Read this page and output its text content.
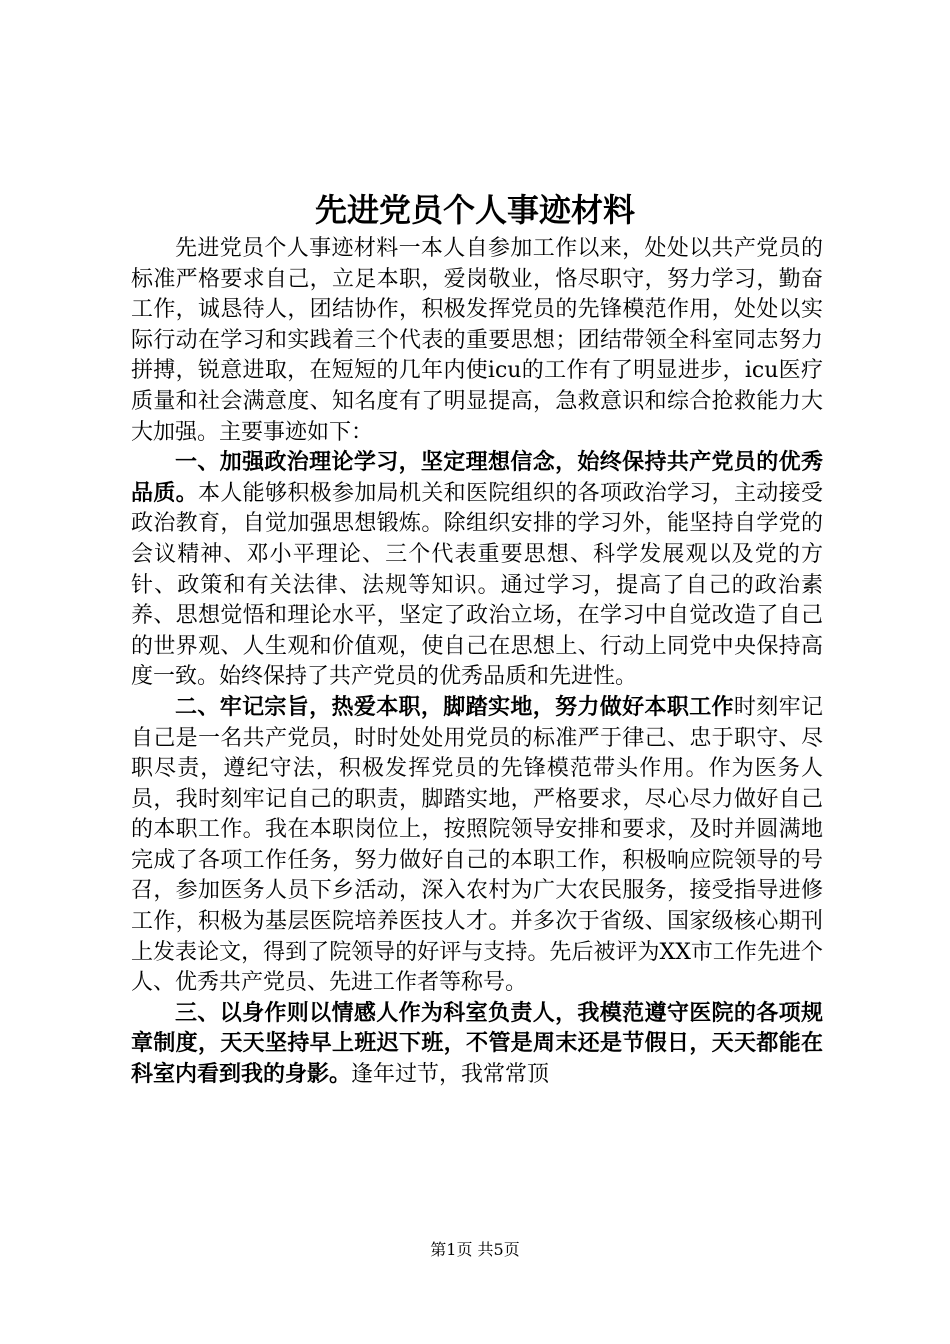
先进党员个人事迹材料

先进党员个人事迹材料一本人自参加工作以来，处处以共产党员的标准严格要求自己，立足本职，爱岗敬业，恪尽职守，努力学习，勤奋工作，诚恳待人，团结协作，积极发挥党员的先锋模范作用，处处以实际行动在学习和实践着三个代表的重要思想；团结带领全科室同志努力拼搏，锐意进取，在短短的几年内使icu的工作有了明显进步，icu医疗质量和社会满意度、知名度有了明显提高，急救意识和综合抢救能力大大加强。主要事迹如下：

一、加强政治理论学习，坚定理想信念，始终保持共产党员的优秀品质。本人能够积极参加局机关和医院组织的各项政治学习，主动接受政治教育，自觉加强思想锻炼。除组织安排的学习外，能坚持自学党的会议精神、邓小平理论、三个代表重要思想、科学发展观以及党的方针、政策和有关法律、法规等知识。通过学习，提高了自己的政治素养、思想觉悟和理论水平，坚定了政治立场，在学习中自觉改造了自己的世界观、人生观和价值观，使自己在思想上、行动上同党中央保持高度一致。始终保持了共产党员的优秀品质和先进性。

二、牢记宗旨，热爱本职，脚踏实地，努力做好本职工作时刻牢记自己是一名共产党员，时时处处用党员的标准严于律己、忠于职守、尽职尽责，遵纪守法，积极发挥党员的先锋模范带头作用。作为医务人员，我时刻牢记自己的职责，脚踏实地，严格要求，尽心尽力做好自己的本职工作。我在本职岗位上，按照院领导安排和要求，及时并圆满地完成了各项工作任务，努力做好自己的本职工作，积极响应院领导的号召，参加医务人员下乡活动，深入农村为广大农民服务，接受指导进修工作，积极为基层医院培养医技人才。并多次于省级、国家级核心期刊上发表论文，得到了院领导的好评与支持。先后被评为XX市工作先进个人、优秀共产党员、先进工作者等称号。

三、以身作则以情感人作为科室负责人，我模范遵守医院的各项规章制度，天天坚持早上班迟下班，不管是周末还是节假日，天天都能在科室内看到我的身影。逢年过节，我常常顶

第1页 共5页
